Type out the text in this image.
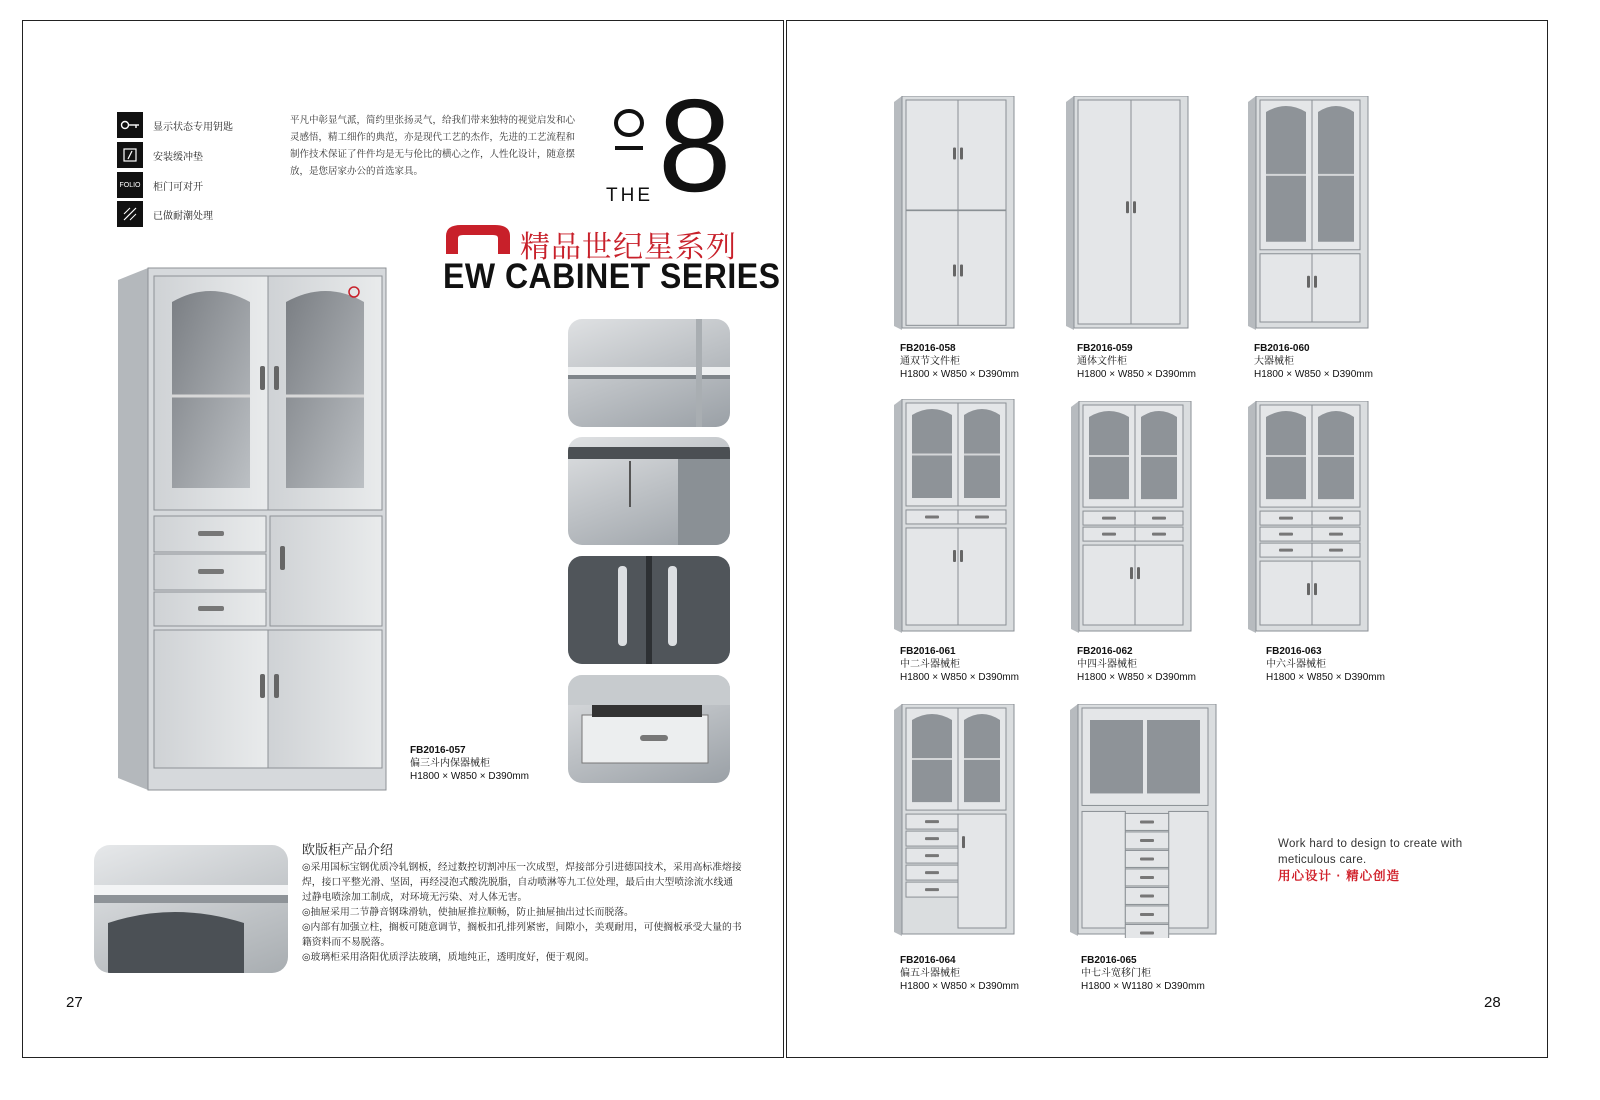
显示状态专用钥匙
安装缓冲垫
FOLIO 柜门可对开
已做耐潮处理
平凡中彰显气派，简约里张扬灵气，给我们带来独特的视觉启发和心灵感悟，精工细作的典范，亦是现代工艺的杰作，先进的工艺流程和制作技术保证了件件均是无与伦比的横心之作，人性化设计，随意摆放，是您居家办公的首选家具。	8
THE
精品世纪星系列
EW CABINET SERIES
FB2016-057
偏三斗内保器械柜
H1800 × W850 × D390mm
欧版柜产品介绍

◎采用国标宝钢优质冷轧钢板，经过数控切割冲压一次成型，焊接部分引进德国技术，采用高标准熔接焊，接口平整光滑、坚固，再经浸泡式酸洗脱脂，自动喷淋等九工位处理，最后由大型喷涂流水线通过静电喷涂加工制成，对环境无污染、对人体无害。

◎抽屉采用二节静音钢珠滑轨，使抽屉推拉顺畅，防止抽屉抽出过长而脱落。

◎内部有加强立柱，搁板可随意调节，搁板扣孔排列紧密，间隙小，美观耐用，可使搁板承受大量的书籍资料而不易脱落。

◎玻璃柜采用洛阳优质浮法玻璃，质地纯正，透明度好，便于观阅。

27
FB2016-058
通双节文件柜
H1800 × W850 × D390mm
FB2016-059
通体文件柜
H1800 × W850 × D390mm
FB2016-060
大器械柜
H1800 × W850 × D390mm
FB2016-061
中二斗器械柜
H1800 × W850 × D390mm
FB2016-062
中四斗器械柜
H1800 × W850 × D390mm
FB2016-063
中六斗器械柜
H1800 × W850 × D390mm
FB2016-064
偏五斗器械柜
H1800 × W850 × D390mm
FB2016-065
中七斗宽移门柜
H1800 × W1180 × D390mm
Work hard to design to create with meticulous care.
用心设计 · 精心创造
28
